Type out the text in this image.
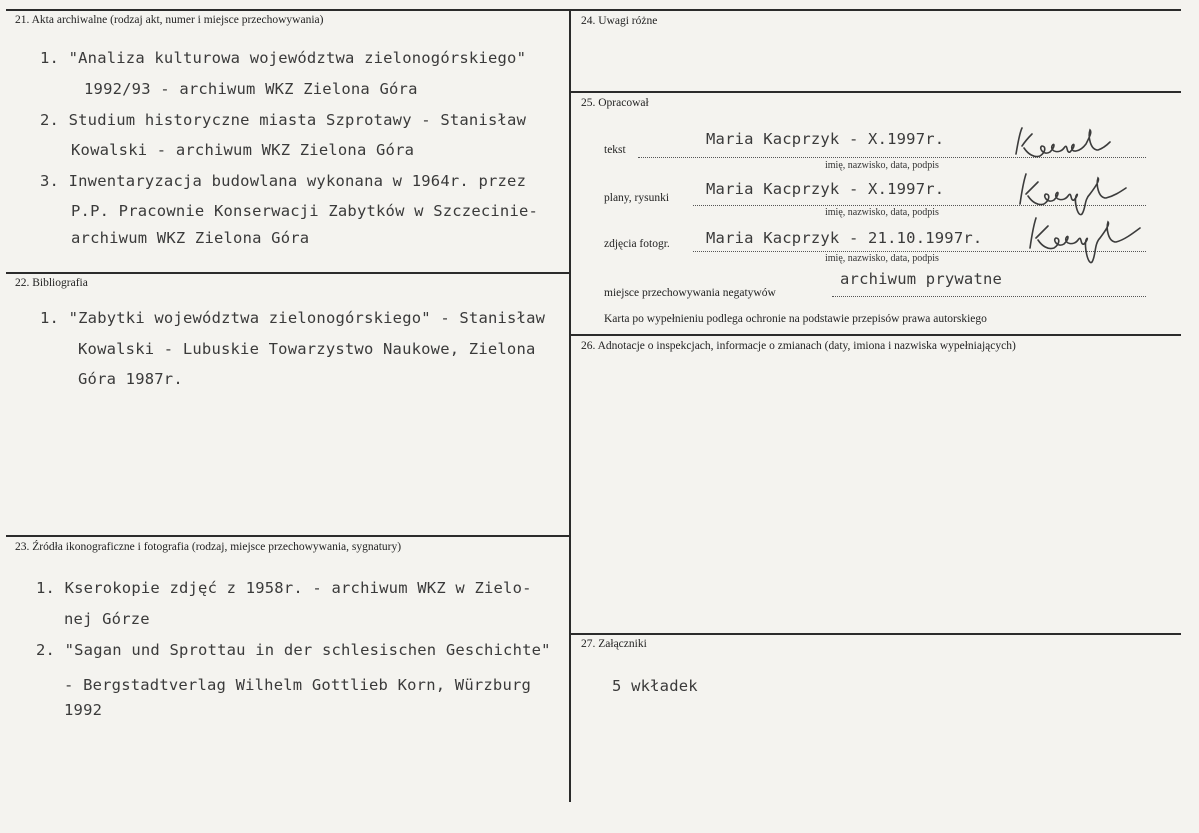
21. Akta archiwalne (rodzaj akt, numer i miejsce przechowywania)
1. "Analiza kulturowa województwa zielonogórskiego"
1992/93 - archiwum WKZ Zielona Góra
2. Studium historyczne miasta Szprotawy - Stanisław
Kowalski - archiwum WKZ Zielona Góra
3. Inwentaryzacja budowlana wykonana w 1964r. przez
P.P. Pracownie Konserwacji Zabytków w Szczecinie-
archiwum WKZ Zielona Góra
22. Bibliografia
1. "Zabytki województwa zielonogórskiego" - Stanisław
Kowalski - Lubuskie Towarzystwo Naukowe, Zielona
Góra 1987r.
23. Źródła ikonograficzne i fotografia (rodzaj, miejsce przechowywania, sygnatury)
1. Kserokopie zdjęć z 1958r. - archiwum WKZ w Zielo-
nej Górze
2. "Sagan und Sprottau in der schlesischen Geschichte"
- Bergstadtverlag Wilhelm Gottlieb Korn, Würzburg
1992
24. Uwagi różne
25. Opracował
tekst
Maria Kacprzyk - X.1997r.
imię, nazwisko, data, podpis
plany, rysunki Maria Kacprzyk - X.1997r.
imię, nazwisko, data, podpis
zdjęcia fotogr. Maria Kacprzyk - 21.10.1997r.
imię, nazwisko, data, podpis
miejsce przechowywania negatywów
archiwum prywatne
Karta po wypełnieniu podlega ochronie na podstawie przepisów prawa autorskiego
26. Adnotacje o inspekcjach, informacje o zmianach (daty, imiona i nazwiska wypełniających)
27. Załączniki
5 wkładek
